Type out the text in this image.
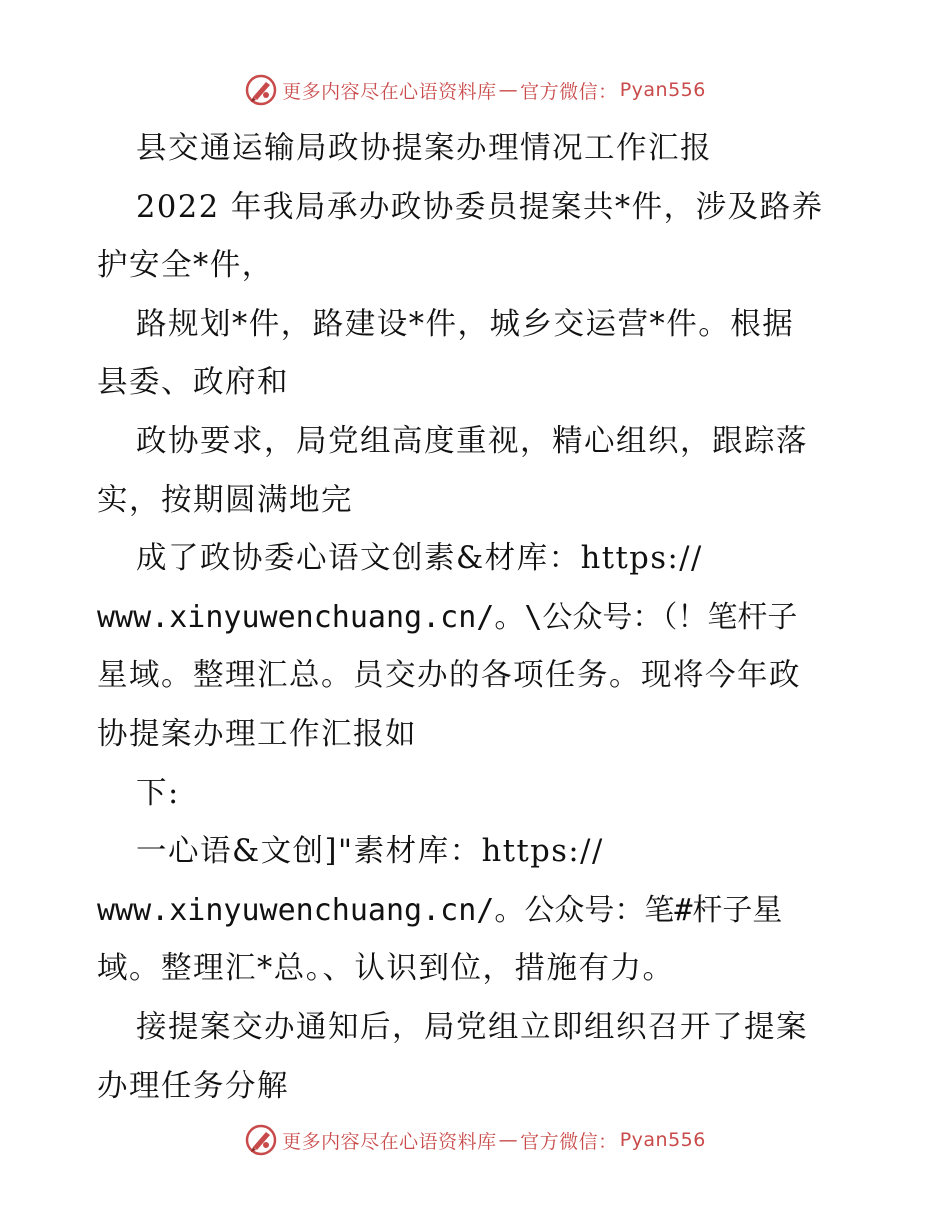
更多内容尽在心语资料库 — 官方微信： Pyan556
县交通运输局政协提案办理情况工作汇报
2022 年我局承办政协委员提案共*件，涉及路养
护安全*件，
路规划*件，路建设*件，城乡交运营*件。根据
县委、政府和
政协要求，局党组高度重视，精心组织，跟踪落
实，按期圆满地完
成了政协委心语文创素&材库：https://
www.xinyuwenchuang.cn/。\公众号：（！笔杆子
星域。整理汇总。员交办的各项任务。现将今年政
协提案办理工作汇报如
下:
一心语&文创]"素材库：https://
www.xinyuwenchuang.cn/。公众号：笔#杆子星
域。整理汇*总。、认识到位，措施有力。
接提案交办通知后，局党组立即组织召开了提案
办理任务分解
更多内容尽在心语资料库 — 官方微信： Pyan556
